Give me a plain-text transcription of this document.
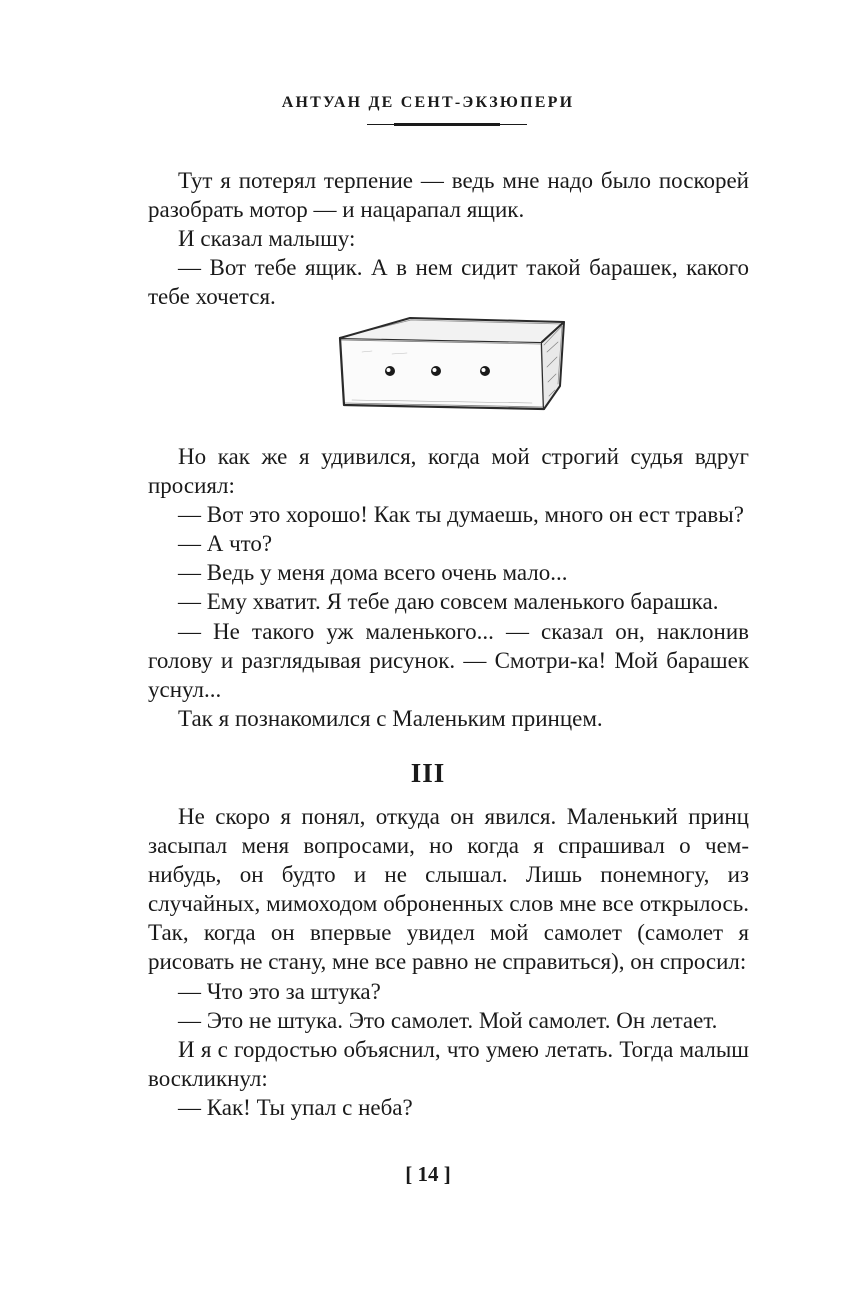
АНТУАН ДЕ СЕНТ-ЭКЗЮПЕРИ

Тут я потерял терпение — ведь мне надо было поскорей разобрать мотор — и нацарапал ящик.

И сказал малышу:

— Вот тебе ящик. А в нем сидит такой барашек, какого тебе хочется.

Но как же я удивился, когда мой строгий судья вдруг просиял:

— Вот это хорошо! Как ты думаешь, много он ест травы?

— А что?

— Ведь у меня дома всего очень мало...

— Ему хватит. Я тебе даю совсем маленького барашка.

— Не такого уж маленького... — сказал он, наклонив голову и разглядывая рисунок. — Смотри-ка! Мой барашек уснул...

Так я познакомился с Маленьким принцем.

III

Не скоро я понял, откуда он явился. Маленький принц засыпал меня вопросами, но когда я спрашивал о чем-нибудь, он будто и не слышал. Лишь понемногу, из случайных, мимоходом оброненных слов мне все открылось. Так, когда он впервые увидел мой самолет (самолет я рисовать не стану, мне все равно не справиться), он спросил:

— Что это за штука?

— Это не штука. Это самолет. Мой самолет. Он летает.

И я с гордостью объяснил, что умею летать. Тогда малыш воскликнул:

— Как! Ты упал с неба?

[ 14 ]
